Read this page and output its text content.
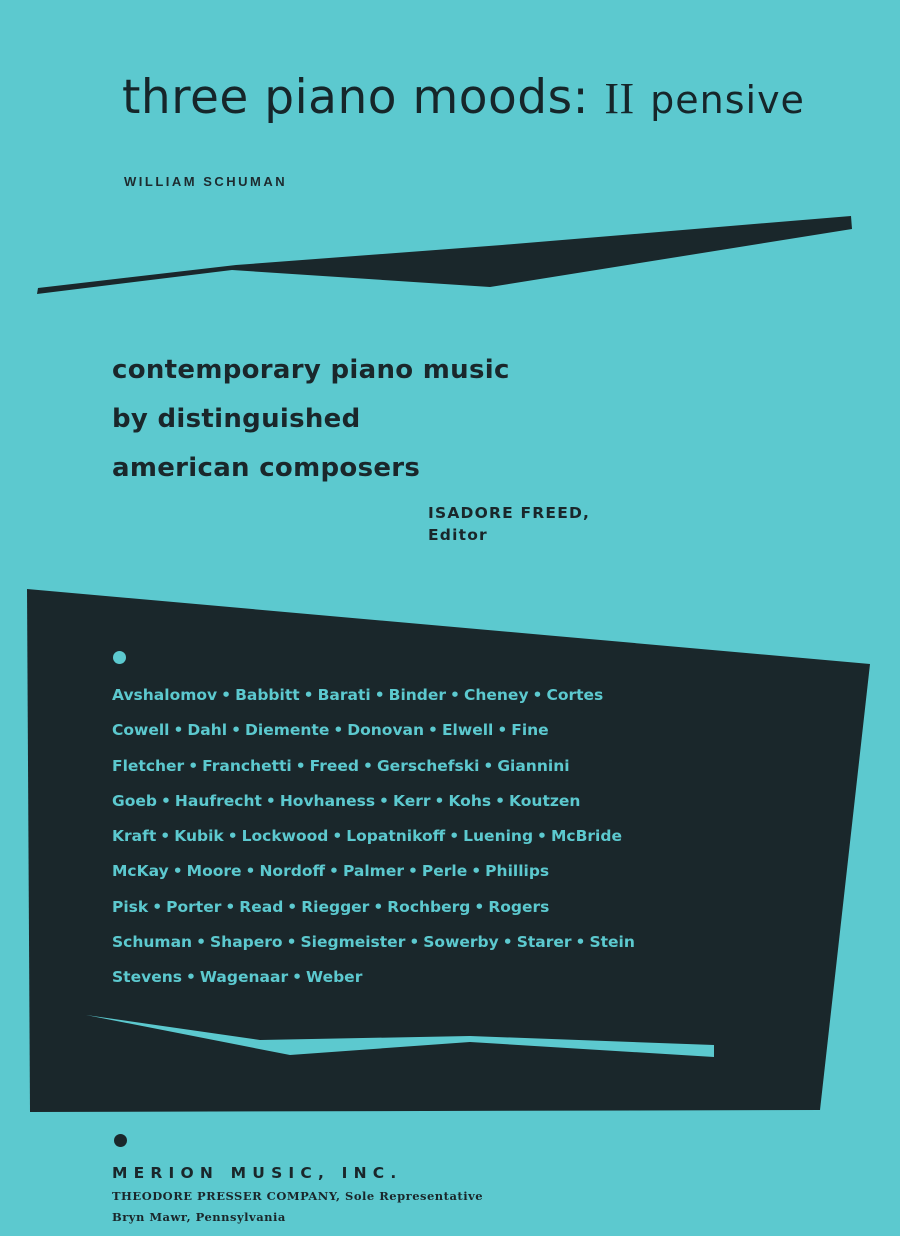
three piano moods: II pensive
WILLIAM SCHUMAN
contemporary piano music
by distinguished
american composers
ISADORE FREED,
Editor
Avshalomov • Babbitt • Barati • Binder • Cheney • Cortes
Cowell • Dahl • Diemente • Donovan • Elwell • Fine
Fletcher • Franchetti • Freed • Gerschefski • Giannini
Goeb • Haufrecht • Hovhaness • Kerr • Kohs • Koutzen
Kraft • Kubik • Lockwood • Lopatnikoff • Luening • McBride
McKay • Moore • Nordoff • Palmer • Perle • Phillips
Pisk • Porter • Read • Riegger • Rochberg • Rogers
Schuman • Shapero • Siegmeister • Sowerby • Starer • Stein
Stevens • Wagenaar • Weber
MERION MUSIC, INC.
THEODORE PRESSER COMPANY, Sole Representative
Bryn Mawr, Pennsylvania
